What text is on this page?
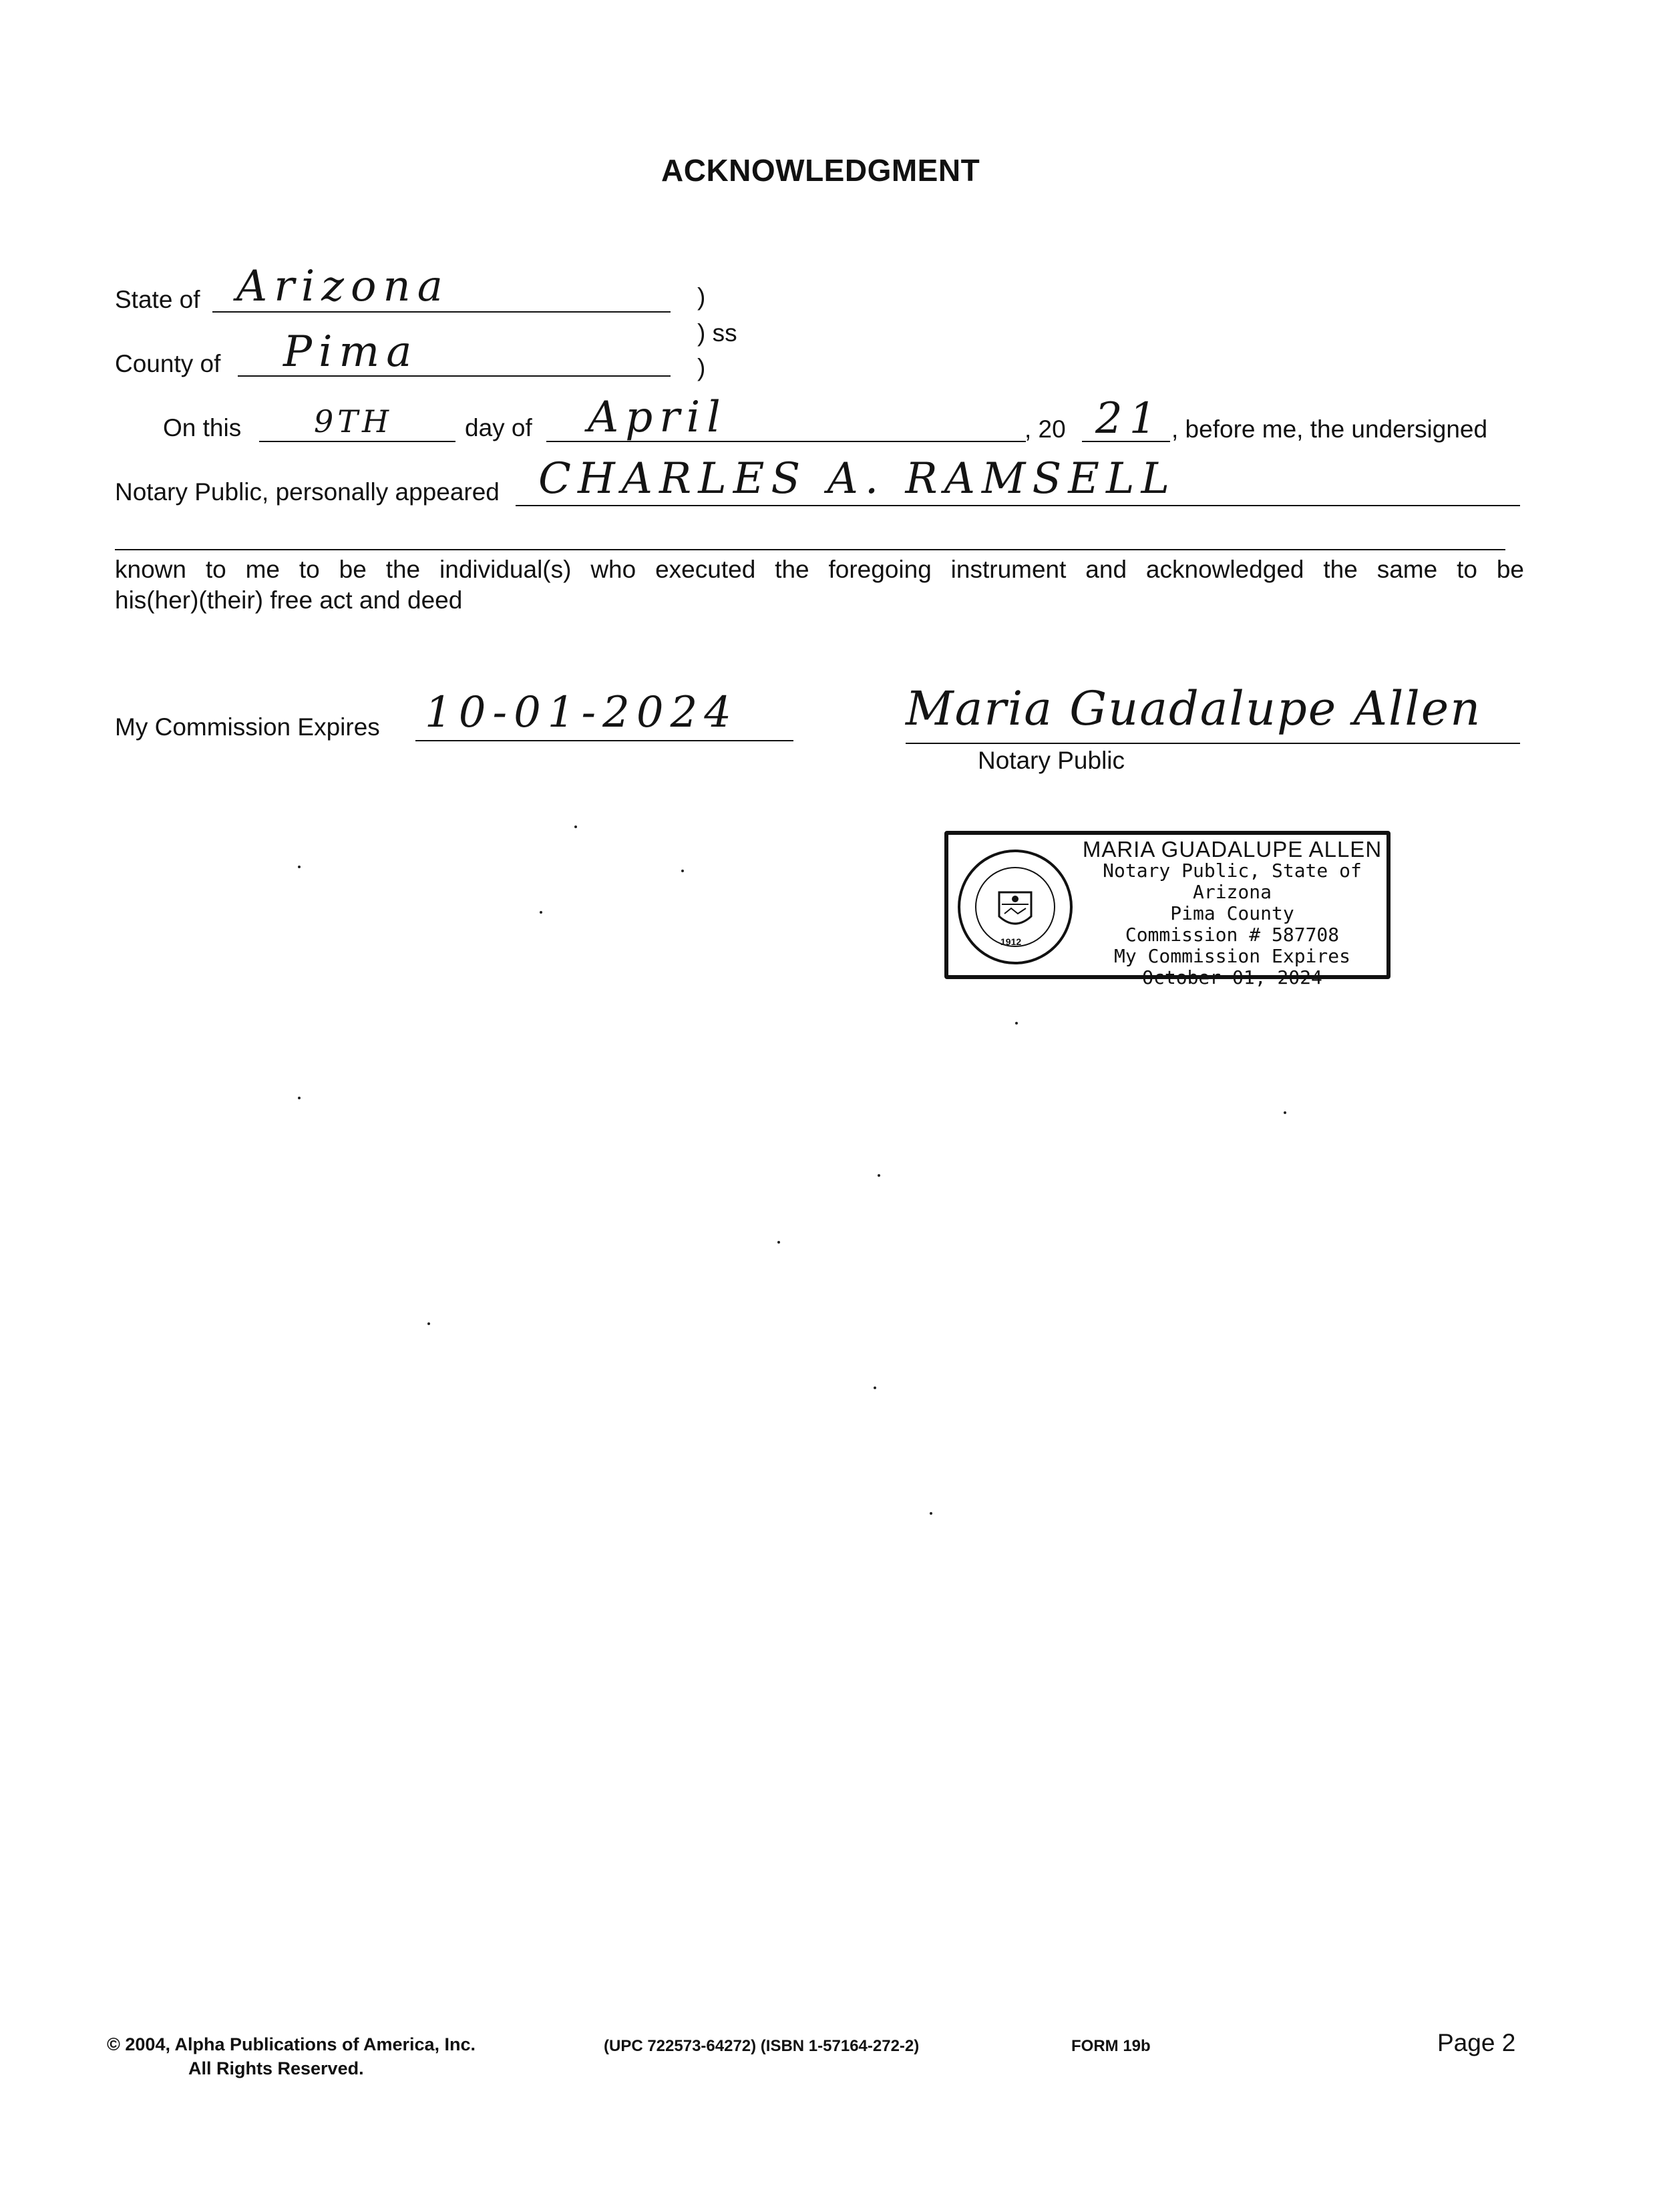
ACKNOWLEDGMENT
State of Arizona	)
) ss
County of Pima	)
On this 9TH	day of April	, 20 21 , before me, the undersigned
Notary Public, personally appeared CHARLES A. RAMSELL
known to me to be the individual(s) who executed the foregoing instrument and acknowledged the same to be
his(her)(their) free act and deed
My Commission Expires 10-01-2024	Maria Guadalupe Allen
Notary Public
1912
MARIA GUADALUPE ALLEN
Notary Public, State of Arizona
Pima County
Commission # 587708
My Commission Expires
October 01, 2024
© 2004, Alpha Publications of America, Inc.
All Rights Reserved.
(UPC 722573-64272) (ISBN 1-57164-272-2)	FORM 19b	Page 2
